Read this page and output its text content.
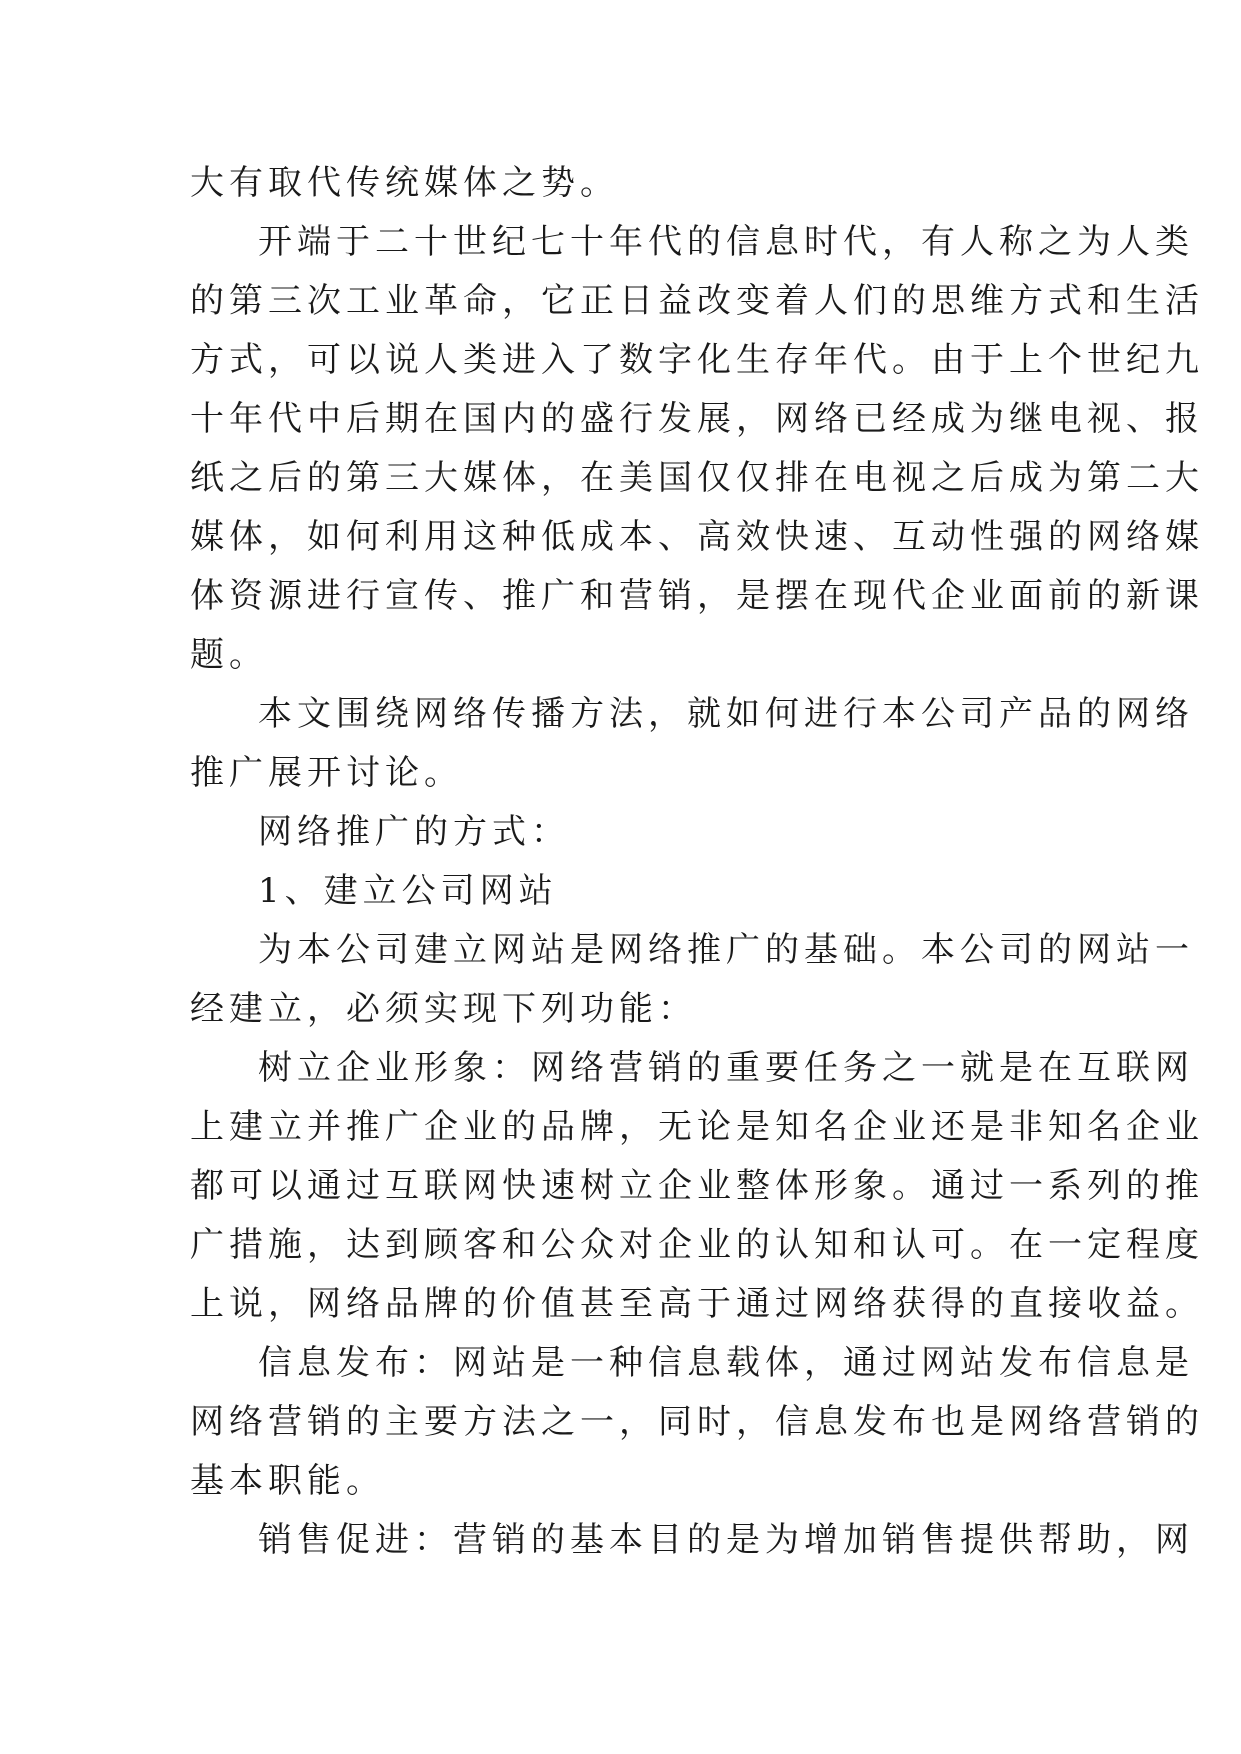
大有取代传统媒体之势。
开端于二十世纪七十年代的信息时代，有人称之为人类
的第三次工业革命，它正日益改变着人们的思维方式和生活
方式，可以说人类进入了数字化生存年代。由于上个世纪九
十年代中后期在国内的盛行发展，网络已经成为继电视、报
纸之后的第三大媒体，在美国仅仅排在电视之后成为第二大
媒体，如何利用这种低成本、高效快速、互动性强的网络媒
体资源进行宣传、推广和营销，是摆在现代企业面前的新课
题。
本文围绕网络传播方法，就如何进行本公司产品的网络
推广展开讨论。
网络推广的方式：
1、建立公司网站
为本公司建立网站是网络推广的基础。本公司的网站一
经建立，必须实现下列功能：
树立企业形象：网络营销的重要任务之一就是在互联网
上建立并推广企业的品牌，无论是知名企业还是非知名企业
都可以通过互联网快速树立企业整体形象。通过一系列的推
广措施，达到顾客和公众对企业的认知和认可。在一定程度
上说，网络品牌的价值甚至高于通过网络获得的直接收益。
信息发布：网站是一种信息载体，通过网站发布信息是
网络营销的主要方法之一，同时，信息发布也是网络营销的
基本职能。
销售促进：营销的基本目的是为增加销售提供帮助，网
